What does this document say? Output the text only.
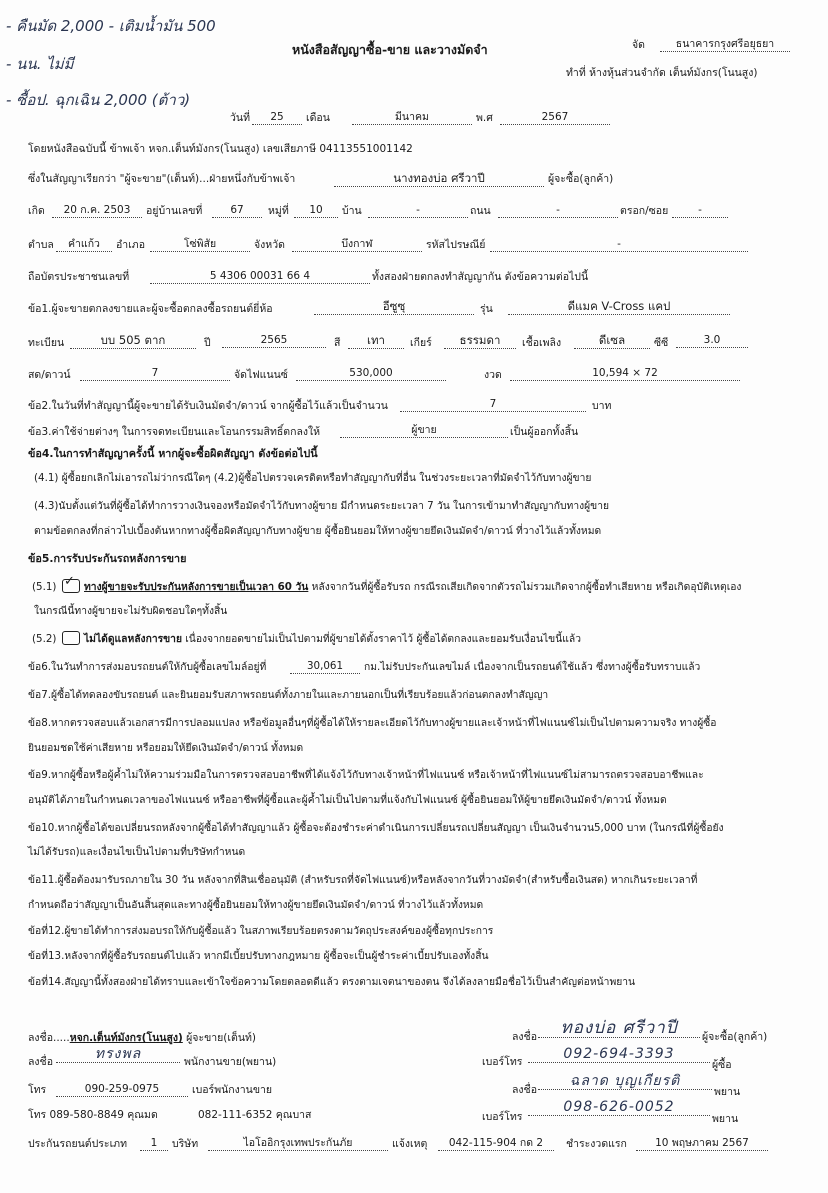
- คืนมัด 2,000 - เติมน้ำมัน 500
- นน. ไม่มี
- ซื้อป. ฉุกเฉิน 2,000 (ต้าว)
หนังสือสัญญาซื้อ-ขาย และวางมัดจำ	จัด	ธนาคารกรุงศรีอยุธยา
ทำที่ ห้างหุ้นส่วนจำกัด เต็นท์มังกร(โนนสูง)
วันที่	25	เดือน	มีนาคม	พ.ศ	2567
โดยหนังสือฉบับนี้ ข้าพเจ้า หจก.เต็นท์มังกร(โนนสูง) เลขเสียภาษี 04113551001142
ซึ่งในสัญญาเรียกว่า "ผู้จะขาย"(เต็นท์)...ฝ่ายหนึ่งกับข้าพเจ้า	นางทองบ่อ ศรีวาปี	ผู้จะซื้อ(ลูกค้า)
เกิด	20 ก.ค. 2503	อยู่บ้านเลขที่	67	หมู่ที่	10	บ้าน	-	ถนน	-	ตรอก/ซอย	-
ตำบล	คำแก้ว	อำเภอ	โซ่พิสัย	จังหวัด	บึงกาฬ	รหัสไปรษณีย์	-
ถือบัตรประชาชนเลขที่	5 4306 00031 66 4	ทั้งสองฝ่ายตกลงทำสัญญากัน ดังข้อความต่อไปนี้
ข้อ1.ผู้จะขายตกลงขายและผู้จะซื้อตกลงซื้อรถยนต์ยี่ห้อ	อีซูซุ	รุ่น	ดีแมค V-Cross แคป
ทะเบียน	บบ 505 ตาก	ปี	2565	สี	เทา	เกียร์	ธรรมดา	เชื้อเพลิง	ดีเซล	ซีซี	3.0
สด/ดาวน์	7	จัดไฟแนนซ์	530,000	งวด	10,594 × 72
ข้อ2.ในวันที่ทำสัญญานี้ผู้จะขายได้รับเงินมัดจำ/ดาวน์ จากผู้ซื้อไว้แล้วเป็นจำนวน	7	บาท
ข้อ3.ค่าใช้จ่ายต่างๆ ในการจดทะเบียนและโอนกรรมสิทธิ์ตกลงให้	ผู้ขาย	เป็นผู้ออกทั้งสิ้น
ข้อ4.ในการทำสัญญาครั้งนี้ หากผู้จะซื้อผิดสัญญา ดังข้อต่อไปนี้
(4.1) ผู้ซื้อยกเลิกไม่เอารถไม่ว่ากรณีใดๆ (4.2)ผู้ซื้อไปตรวจเครดิตหรือทำสัญญากับที่อื่น ในช่วงระยะเวลาที่มัดจำไว้กับทางผู้ขาย
(4.3)นับตั้งแต่วันที่ผู้ซื้อได้ทำการวางเงินจองหรือมัดจำไว้กับทางผู้ขาย มีกำหนดระยะเวลา 7 วัน ในการเข้ามาทำสัญญากับทางผู้ขาย
ตามข้อตกลงที่กล่าวไปเบื้องต้นหากทางผู้ซื้อผิดสัญญากับทางผู้ขาย ผู้ซื้อยินยอมให้ทางผู้ขายยึดเงินมัดจำ/ดาวน์ ที่วางไว้แล้วทั้งหมด
ข้อ5.การรับประกันรถหลังการขาย
(5.1) ✓ ทางผู้ขายจะรับประกันหลังการขายเป็นเวลา 60 วัน หลังจากวันที่ผู้ซื้อรับรถ กรณีรถเสียเกิดจากตัวรถไม่รวมเกิดจากผู้ซื้อทำเสียหาย หรือเกิดอุบัติเหตุเอง
ในกรณีนี้ทางผู้ขายจะไม่รับผิดชอบใดๆทั้งสิ้น
(5.2)	ไม่ได้ดูแลหลังการขาย เนื่องจากยอดขายไม่เป็นไปตามที่ผู้ขายได้ตั้งราคาไว้ ผู้ซื้อได้ตกลงและยอมรับเงื่อนไขนี้แล้ว
ข้อ6.ในวันทำการส่งมอบรถยนต์ให้กับผู้ซื้อเลขไมล์อยู่ที่	30,061	กม.ไม่รับประกันเลขไมล์ เนื่องจากเป็นรถยนต์ใช้แล้ว ซึ่งทางผู้ซื้อรับทราบแล้ว
ข้อ7.ผู้ซื้อได้ทดลองขับรถยนต์ และยินยอมรับสภาพรถยนต์ทั้งภายในและภายนอกเป็นที่เรียบร้อยแล้วก่อนตกลงทำสัญญา
ข้อ8.หากตรวจสอบแล้วเอกสารมีการปลอมแปลง หรือข้อมูลอื่นๆที่ผู้ซื้อได้ให้รายละเอียดไว้กับทางผู้ขายและเจ้าหน้าที่ไฟแนนซ์ไม่เป็นไปตามความจริง ทางผู้ซื้อ
ยินยอมชดใช้ค่าเสียหาย หรือยอมให้ยึดเงินมัดจำ/ดาวน์ ทั้งหมด
ข้อ9.หากผู้ซื้อหรือผู้ค้ำไม่ให้ความร่วมมือในการตรวจสอบอาชีพที่ได้แจ้งไว้กับทางเจ้าหน้าที่ไฟแนนซ์ หรือเจ้าหน้าที่ไฟแนนซ์ไม่สามารถตรวจสอบอาชีพและ
อนุมัติได้ภายในกำหนดเวลาของไฟแนนซ์ หรืออาชีพที่ผู้ซื้อและผู้ค้ำไม่เป็นไปตามที่แจ้งกับไฟแนนซ์ ผู้ซื้อยินยอมให้ผู้ขายยึดเงินมัดจำ/ดาวน์ ทั้งหมด
ข้อ10.หากผู้ซื้อได้ขอเปลี่ยนรถหลังจากผู้ซื้อได้ทำสัญญาแล้ว ผู้ซื้อจะต้องชำระค่าดำเนินการเปลี่ยนรถเปลี่ยนสัญญา เป็นเงินจำนวน5,000 บาท (ในกรณีที่ผู้ซื้อยัง
ไม่ได้รับรถ)และเงื่อนไขเป็นไปตามที่บริษัทกำหนด
ข้อ11.ผู้ซื้อต้องมารับรถภายใน 30 วัน หลังจากที่สินเชื่ออนุมัติ (สำหรับรถที่จัดไฟแนนซ์)หรือหลังจากวันที่วางมัดจำ(สำหรับซื้อเงินสด) หากเกินระยะเวลาที่
กำหนดถือว่าสัญญาเป็นอันสิ้นสุดและทางผู้ซื้อยินยอมให้ทางผู้ขายยึดเงินมัดจำ/ดาวน์ ที่วางไว้แล้วทั้งหมด
ข้อที่12.ผู้ขายได้ทำการส่งมอบรถให้กับผู้ซื้อแล้ว ในสภาพเรียบร้อยตรงตามวัตถุประสงค์ของผู้ซื้อทุกประการ
ข้อที่13.หลังจากที่ผู้ซื้อรับรถยนต์ไปแล้ว หากมีเบี้ยปรับทางกฎหมาย ผู้ซื้อจะเป็นผู้ชำระค่าเบี้ยปรับเองทั้งสิ้น
ข้อที่14.สัญญานี้ทั้งสองฝ่ายได้ทราบและเข้าใจข้อความโดยตลอดดีแล้ว ตรงตามเจตนาของตน จึงได้ลงลายมือชื่อไว้เป็นสำคัญต่อหน้าพยาน
ลงชื่อ.....หจก.เต็นท์มังกร(โนนสูง) ผู้จะขาย(เต็นท์)	ลงชื่อ	ทองบ่อ ศรีวาปี	ผู้จะซื้อ(ลูกค้า)
ลงชื่อ	ทรงพล	พนักงานขาย(พยาน)	เบอร์โทร	092-694-3393
ผู้ซื้อ
โทร	090-259-0975	เบอร์พนักงานขาย	ลงชื่อ
ฉลาด บุญเกียรติ
พยาน
โทร 089-580-8849 คุณมด	082-111-6352 คุณบาส	เบอร์โทร
098-626-0052
พยาน
ประกันรถยนต์ประเภท	1	บริษัท	ไอโออิกรุงเทพประกันภัย	แจ้งเหตุ	042-115-904 กด 2	ชำระงวดแรก	10 พฤษภาคม 2567
